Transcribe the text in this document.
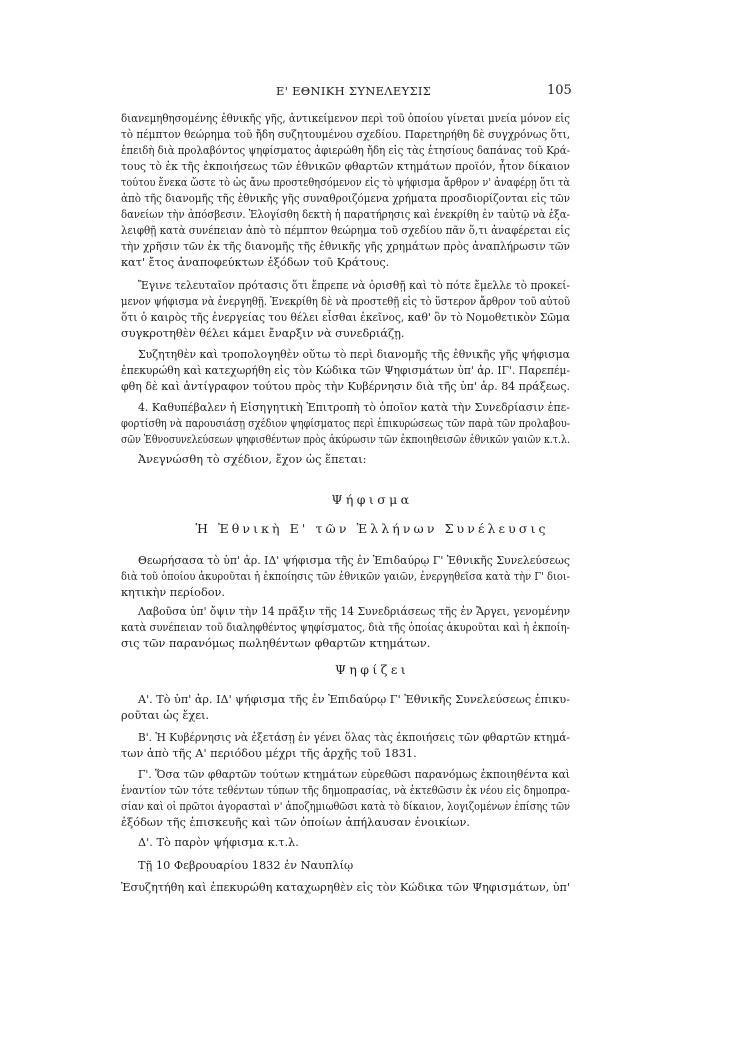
Ε' ΕΘΝΙΚΗ ΣΥΝΕΛΕΥΣΙΣ	105
διανεμηθησομένης ἐθνικῆς γῆς, ἀντικείμενον περὶ τοῦ ὁποίου γίνεται μνεία μόνον εἰς
τὸ πέμπτον θεώρημα τοῦ ἤδη συζητουμένου σχεδίου. Παρετηρήθη δὲ συγχρόνως ὅτι,
ἐπειδὴ διὰ προλαβόντος ψηφίσματος ἀφιερώθη ἤδη εἰς τὰς ἐτησίους δαπάνας τοῦ Κρά-
τους τὸ ἐκ τῆς ἐκποιήσεως τῶν ἐθνικῶν φθαρτῶν κτημάτων προϊόν, ἦτον δίκαιον
τούτου ἕνεκα ὥστε τὸ ὡς ἄνω προστεθησόμενον εἰς τὸ ψήφισμα ἄρθρον ν' ἀναφέρῃ ὅτι τὰ
ἀπὸ τῆς διανομῆς τῆς ἐθνικῆς γῆς συναθροιζόμενα χρήματα προσδιορίζονται εἰς τῶν
δανείων τὴν ἀπόσβεσιν. Ἐλογίσθη δεκτὴ ἡ παρατήρησις καὶ ἐνεκρίθη ἐν ταὐτῷ νὰ ἐξα-
λειφθῇ κατὰ συνέπειαν ἀπὸ τὸ πέμπτον θεώρημα τοῦ σχεδίου πᾶν ὅ,τι ἀναφέρεται εἰς
τὴν χρῆσιν τῶν ἐκ τῆς διανομῆς τῆς ἐθνικῆς γῆς χρημάτων πρὸς ἀναπλήρωσιν τῶν
κατ' ἔτος ἀναποφεύκτων ἐξόδων τοῦ Κράτους.
Ἔγινε τελευταῖον πρότασις ὅτι ἔπρεπε νὰ ὁρισθῇ καὶ τὸ πότε ἔμελλε τὸ προκεί-
μενον ψήφισμα νὰ ἐνεργηθῇ. Ἐνεκρίθη δὲ νὰ προστεθῇ εἰς τὸ ὕστερον ἄρθρον τοῦ αὐτοῦ
ὅτι ὁ καιρὸς τῆς ἐνεργείας του θέλει εἶσθαι ἐκεῖνος, καθ' ὃν τὸ Νομοθετικὸν Σῶμα
συγκροτηθὲν θέλει κάμει ἔναρξιν νὰ συνεδριάζῃ.
Συζητηθὲν καὶ τροπολογηθὲν οὕτω τὸ περὶ διανομῆς τῆς ἐθνικῆς γῆς ψήφισμα
ἐπεκυρώθη καὶ κατεχωρήθη εἰς τὸν Κώδικα τῶν Ψηφισμάτων ὑπ' ἀρ. ΙΓ'. Παρεπέμ-
φθη δὲ καὶ ἀντίγραφον τούτου πρὸς τὴν Κυβέρνησιν διὰ τῆς ὑπ' ἀρ. 84 πράξεως.
4. Καθυπέβαλεν ἡ Εἰσηγητικὴ Ἐπιτροπὴ τὸ ὁποῖον κατὰ τὴν Συνεδρίασιν ἐπε-
φορτίσθη νὰ παρουσιάσῃ σχέδιον ψηφίσματος περὶ ἐπικυρώσεως τῶν παρὰ τῶν προλαβου-
σῶν Ἐθνοσυνελεύσεων ψηφισθέντων πρὸς ἀκύρωσιν τῶν ἐκποιηθεισῶν ἐθνικῶν γαιῶν κ.τ.λ.
Ἀνεγνώσθη τὸ σχέδιον, ἔχον ὡς ἕπεται:
Ψήφισμα
Ἡ Ἐθνικὴ Ε' τῶν Ἑλλήνων Συνέλευσις
Θεωρήσασα τὸ ὑπ' ἀρ. ΙΔ' ψήφισμα τῆς ἐν Ἐπιδαύρῳ Γ' Ἐθνικῆς Συνελεύσεως
διὰ τοῦ ὁποίου ἀκυροῦται ἡ ἐκποίησις τῶν ἐθνικῶν γαιῶν, ἐνεργηθεῖσα κατὰ τὴν Γ' διοι-
κητικὴν περίοδον.
Λαβοῦσα ὑπ' ὄψιν τὴν 14 πρᾶξιν τῆς 14 Συνεδριάσεως τῆς ἐν Ἄργει, γενομένην
κατὰ συνέπειαν τοῦ διαληφθέντος ψηφίσματος, διὰ τῆς ὁποίας ἀκυροῦται καὶ ἡ ἐκποίη-
σις τῶν παρανόμως πωληθέντων φθαρτῶν κτημάτων.
Ψηφίζει
Α'. Τὸ ὑπ' ἀρ. ΙΔ' ψήφισμα τῆς ἐν Ἐπιδαύρῳ Γ' Ἐθνικῆς Συνελεύσεως ἐπικυ-
ροῦται ὡς ἔχει.
Β'. Ἡ Κυβέρνησις νὰ ἐξετάσῃ ἐν γένει ὅλας τὰς ἐκποιήσεις τῶν φθαρτῶν κτημά-
των ἀπὸ τῆς Α' περιόδου μέχρι τῆς ἀρχῆς τοῦ 1831.
Γ'. Ὅσα τῶν φθαρτῶν τούτων κτημάτων εὑρεθῶσι παρανόμως ἐκποιηθέντα καὶ
ἐναντίον τῶν τότε τεθέντων τύπων τῆς δημοπρασίας, νὰ ἐκτεθῶσιν ἐκ νέου εἰς δημοπρα-
σίαν καὶ οἱ πρῶτοι ἀγορασταὶ ν' ἀποζημιωθῶσι κατὰ τὸ δίκαιον, λογιζομένων ἐπίσης τῶν
ἐξόδων τῆς ἐπισκευῆς καὶ τῶν ὁποίων ἀπήλαυσαν ἐνοικίων.
Δ'. Τὸ παρὸν ψήφισμα κ.τ.λ.
Τῇ 10 Φεβρουαρίου 1832 ἐν Ναυπλίῳ
Ἐσυζητήθη καὶ ἐπεκυρώθη καταχωρηθὲν εἰς τὸν Κώδικα τῶν Ψηφισμάτων, ὑπ'
